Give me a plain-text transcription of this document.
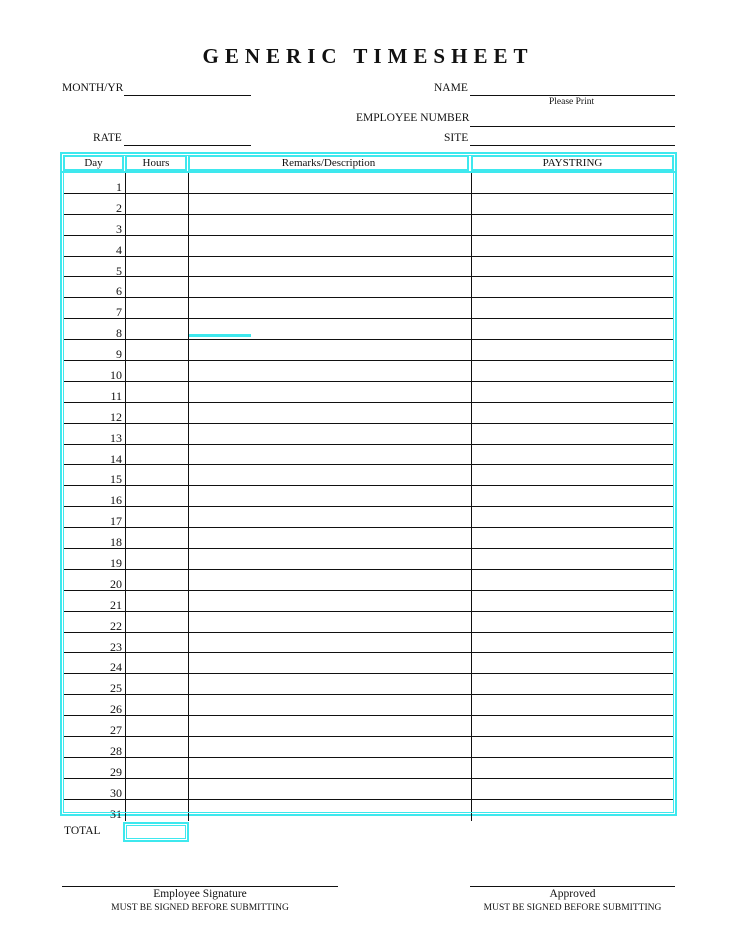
GENERIC TIMESHEET
MONTH/YR
RATE
NAME
Please Print
EMPLOYEE NUMBER
SITE
Day	Hours	Remarks/Description	PAYSTRING
1
2
3
4
5
6
7
8
9
10
11
12
13
14
15
16
17
18
19
20
21
22
23
24
25
26
27
28
29
30
31
TOTAL
Employee Signature
MUST BE SIGNED BEFORE SUBMITTING
Approved
MUST BE SIGNED BEFORE SUBMITTING
